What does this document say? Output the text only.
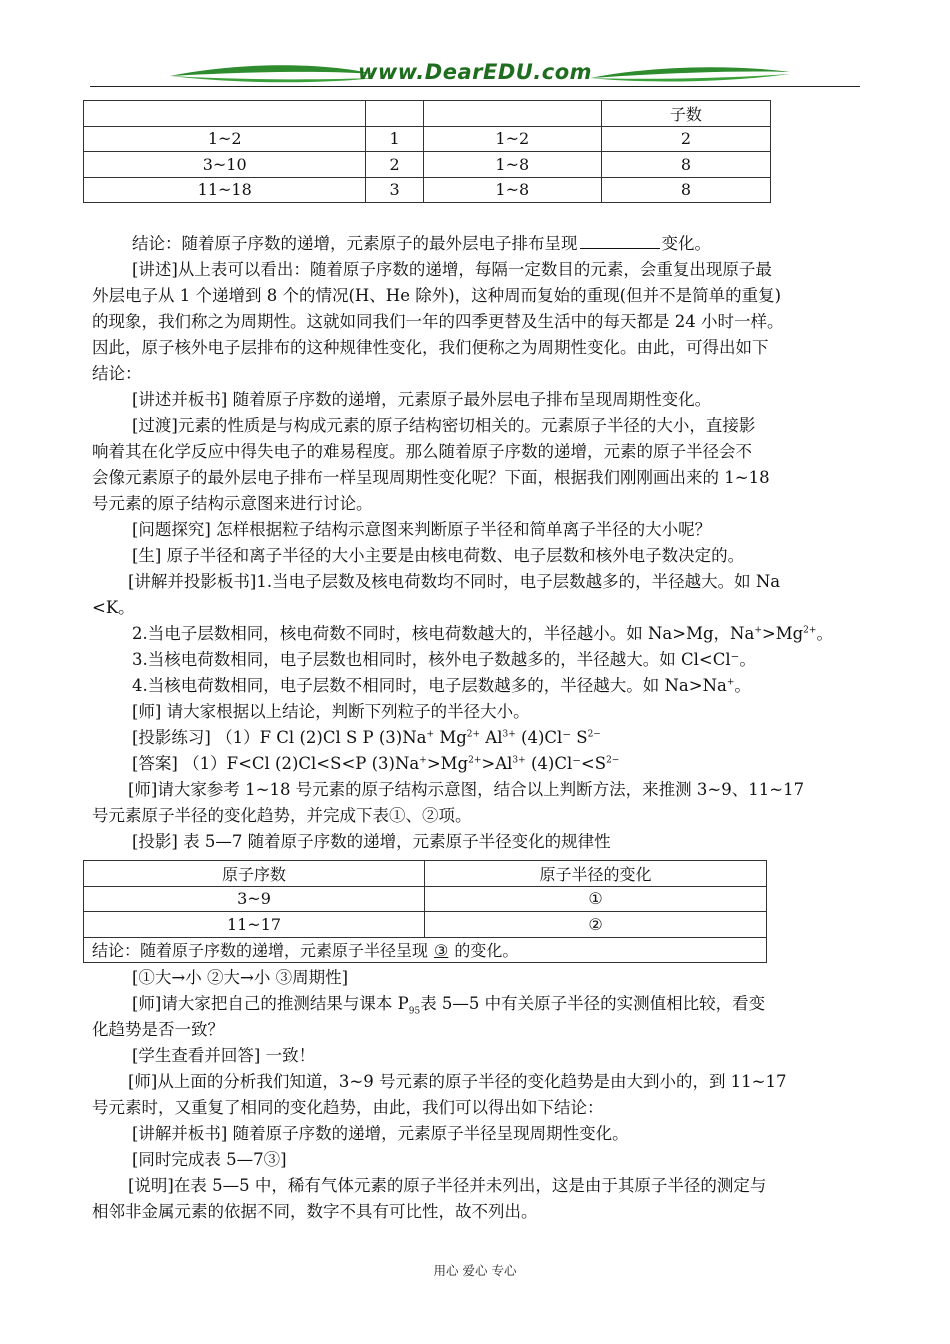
www.DearEDU.com
			子数
1~2	1	1~2	2
3~10	2	1~8	8
11~18	3	1~8	8

结论：随着原子序数的递增，元素原子的最外层电子排布呈现	变化。

[讲述]从上表可以看出：随着原子序数的递增，每隔一定数目的元素，会重复出现原子最

外层电子从 1 个递增到 8 个的情况(H、He 除外)，这种周而复始的重现(但并不是简单的重复)

的现象，我们称之为周期性。这就如同我们一年的四季更替及生活中的每天都是 24 小时一样。

因此，原子核外电子层排布的这种规律性变化，我们便称之为周期性变化。由此，可得出如下

结论：

[讲述并板书] 随着原子序数的递增，元素原子最外层电子排布呈现周期性变化。

[过渡]元素的性质是与构成元素的原子结构密切相关的。元素原子半径的大小，直接影

响着其在化学反应中得失电子的难易程度。那么随着原子序数的递增，元素的原子半径会不

会像元素原子的最外层电子排布一样呈现周期性变化呢？下面，根据我们刚刚画出来的 1~18

号元素的原子结构示意图来进行讨论。

[问题探究] 怎样根据粒子结构示意图来判断原子半径和简单离子半径的大小呢？

[生] 原子半径和离子半径的大小主要是由核电荷数、电子层数和核外电子数决定的。

[讲解并投影板书]1.当电子层数及核电荷数均不同时，电子层数越多的，半径越大。如 Na

<K。

2.当电子层数相同，核电荷数不同时，核电荷数越大的，半径越小。如 Na>Mg，$Na^+>Mg^{2+}$。

3.当核电荷数相同，电子层数也相同时，核外电子数越多的，半径越大。如 Cl<Cl⁻。

4.当核电荷数相同，电子层数不相同时，电子层数越多的，半径越大。如 Na>Na+。

[师] 请大家根据以上结论，判断下列粒子的半径大小。

[投影练习] （1）F Cl (2)Cl S P (3)Na+ $Mg^{2+}$ $Al^{3+}$ (4)Cl⁻ $S^{2-}$

[答案] （1）F<Cl (2)Cl<S<P $(3)Na^+>Mg^{2+}>Al^{3+}$ $(4)Cl^-<S^{2-}$

[师]请大家参考 1~18 号元素的原子结构示意图，结合以上判断方法，来推测 3~9、11~17

号元素原子半径的变化趋势，并完成下表①、②项。

[投影] 表 5—7 随着原子序数的递增，元素原子半径变化的规律性

原子序数	原子半径的变化
3~9	①
11~17	②
结论：随着原子序数的递增，元素原子半径呈现 ③ 的变化。	

[①大→小 ②大→小 ③周期性]

[师]请大家把自己的推测结果与课本 $P_{95}$表 5—5 中有关原子半径的实测值相比较，看变

化趋势是否一致？

[学生查看并回答] 一致！

[师]从上面的分析我们知道，3~9 号元素的原子半径的变化趋势是由大到小的，到 11~17

号元素时，又重复了相同的变化趋势，由此，我们可以得出如下结论：

[讲解并板书] 随着原子序数的递增，元素原子半径呈现周期性变化。

[同时完成表 5—7③]

[说明]在表 5—5 中，稀有气体元素的原子半径并未列出，这是由于其原子半径的测定与

相邻非金属元素的依据不同，数字不具有可比性，故不列出。

用心 爱心 专心
